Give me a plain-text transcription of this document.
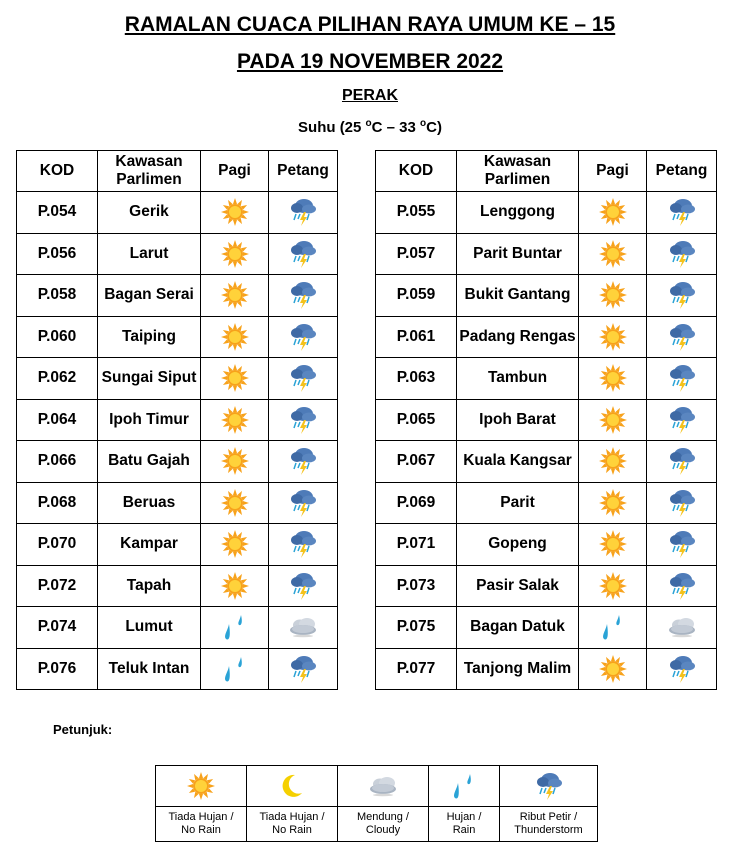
RAMALAN CUACA PILIHAN RAYA UMUM KE – 15
PADA 19 NOVEMBER 2022
PERAK
Suhu (25 $^o$C – 33 $^o$C)
KOD	Kawasan
Parlimen	Pagi	Petang
P.054	Gerik	

P.056	Larut	

P.058	Bagan Serai	

P.060	Taiping	

P.062	Sungai Siput	

P.064	Ipoh Timur	

P.066	Batu Gajah	

P.068	Beruas	

P.070	Kampar	

P.072	Tapah	

P.074	Lumut	

P.076	Teluk Intan	

KOD	Kawasan
Parlimen	Pagi	Petang
P.055	Lenggong	

P.057	Parit Buntar	

P.059	Bukit Gantang	

P.061	Padang Rengas	

P.063	Tambun	

P.065	Ipoh Barat	

P.067	Kuala Kangsar	

P.069	Parit	

P.071	Gopeng	

P.073	Pasir Salak	

P.075	Bagan Datuk	

P.077	Tanjong Malim	

Petunjuk:

Tiada Hujan /
No Rain	Tiada Hujan /
No Rain	Mendung /
Cloudy	Hujan /
Rain	Ribut Petir /
Thunderstorm
